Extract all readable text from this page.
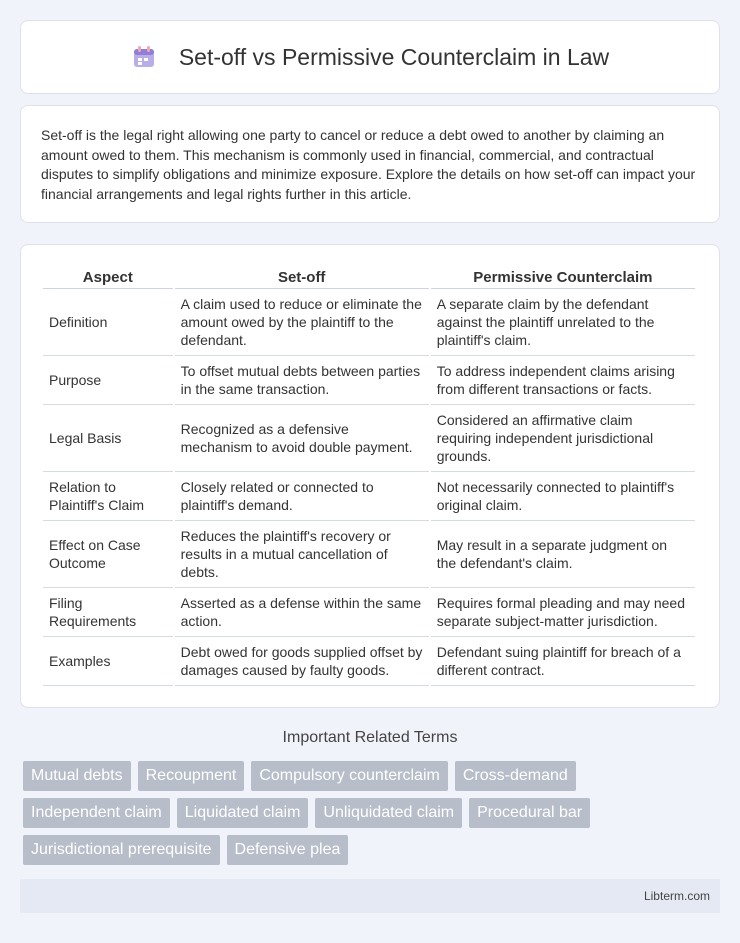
Set-off vs Permissive Counterclaim in Law

Set-off is the legal right allowing one party to cancel or reduce a debt owed to another by claiming an amount owed to them. This mechanism is commonly used in financial, commercial, and contractual disputes to simplify obligations and minimize exposure. Explore the details on how set-off can impact your financial arrangements and legal rights further in this article.

Aspect	Set-off	Permissive Counterclaim
Definition	A claim used to reduce or eliminate the amount owed by the plaintiff to the defendant.	A separate claim by the defendant against the plaintiff unrelated to the plaintiff's claim.
Purpose	To offset mutual debts between parties in the same transaction.	To address independent claims arising from different transactions or facts.
Legal Basis	Recognized as a defensive mechanism to avoid double payment.	Considered an affirmative claim requiring independent jurisdictional grounds.
Relation to Plaintiff's Claim	Closely related or connected to plaintiff's demand.	Not necessarily connected to plaintiff's original claim.
Effect on Case Outcome	Reduces the plaintiff's recovery or results in a mutual cancellation of debts.	May result in a separate judgment on the defendant's claim.
Filing Requirements	Asserted as a defense within the same action.	Requires formal pleading and may need separate subject-matter jurisdiction.
Examples	Debt owed for goods supplied offset by damages caused by faulty goods.	Defendant suing plaintiff for breach of a different contract.
Important Related Terms
Mutual debts	Recoupment	Compulsory counterclaim	Cross-demand
Independent claim	Liquidated claim	Unliquidated claim	Procedural bar
Jurisdictional prerequisite	Defensive plea
Libterm.com
